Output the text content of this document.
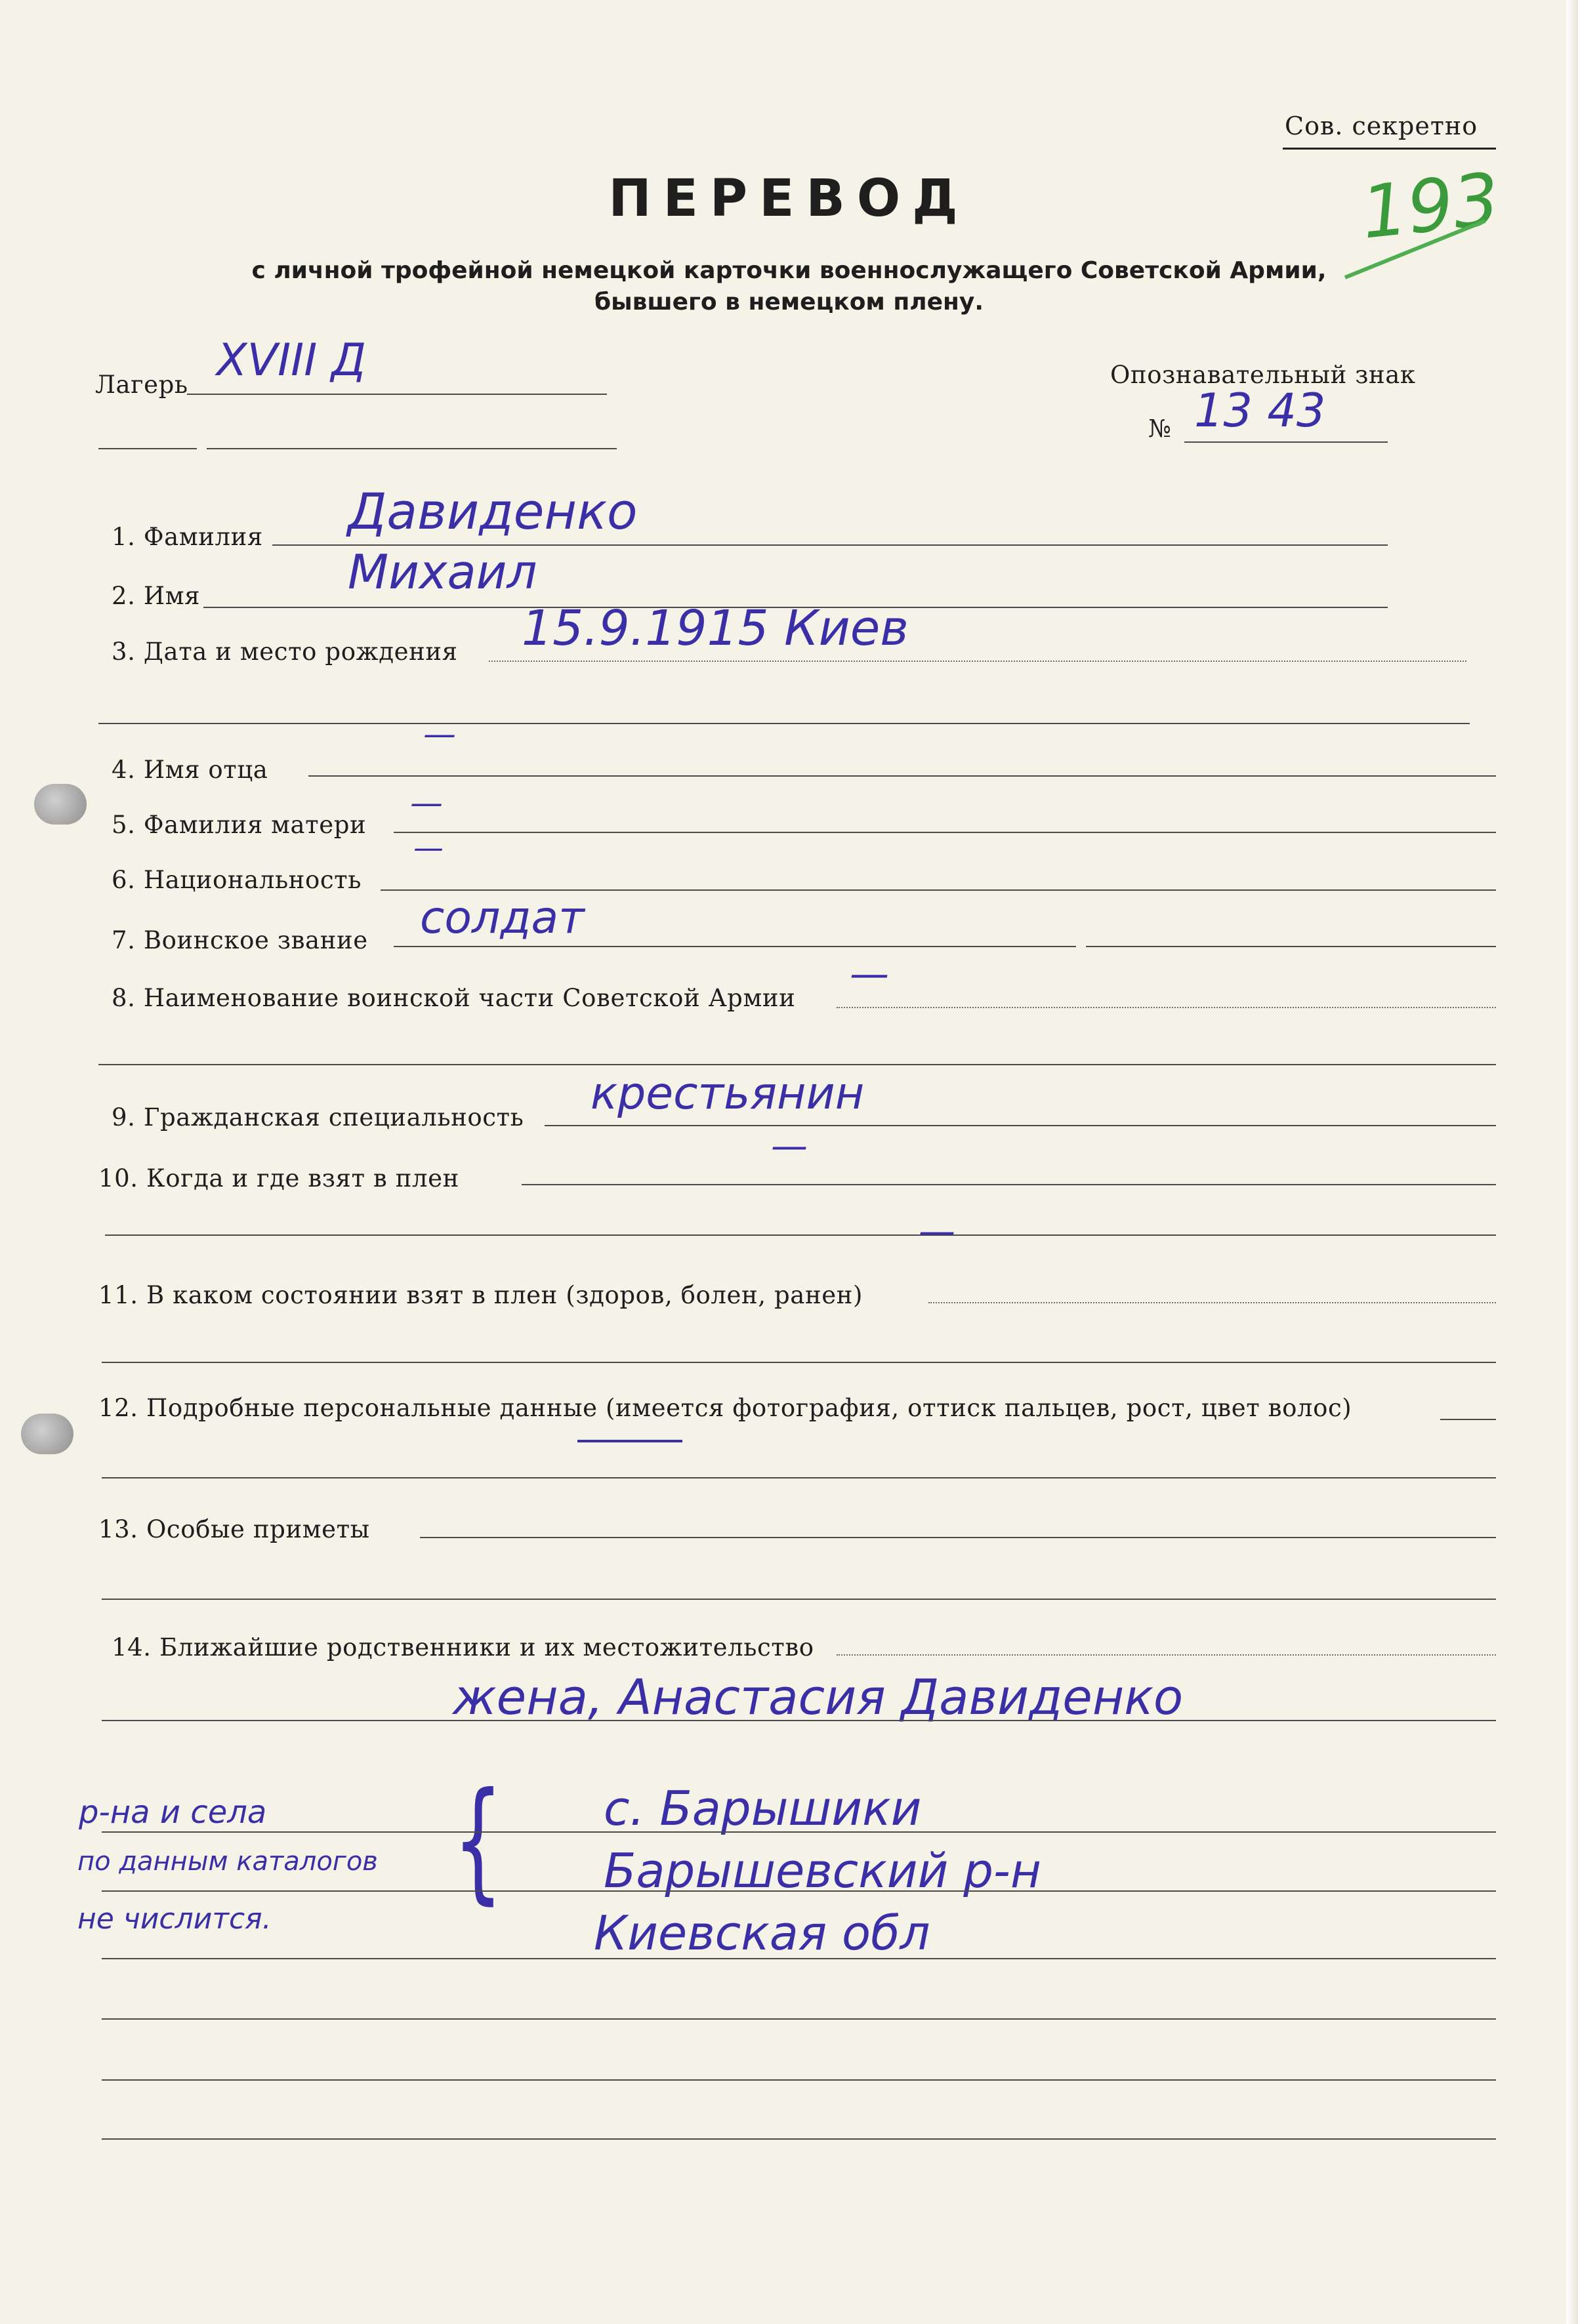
Сов. секретно
193
ПЕРЕВОД
с личной трофейной немецкой карточки военнослужащего Советской Армии,
бывшего в немецком плену.
Лагерь XVIII Д	Опознавательный знак
№ 13 43
1. Фамилия Давиденко
2. Имя	Михаил
3. Дата и место рождения 15.9.1915 Киев
4. Имя отца
—
5. Фамилия матери
—
6. Национальность
—
7. Воинское звание солдат
8. Наименование воинской части Советской Армии
—
9. Гражданская специальность крестьянин
10. Когда и где взят в плен
—
—
11. В каком состоянии взят в плен (здоров, болен, ранен)
12. Подробные персональные данные (имеется фотография, оттиск пальцев, рост, цвет волос)
13. Особые приметы
14. Ближайшие родственники и их местожительство
жена, Анастасия Давиденко
{ с. Барышики
Барышевский р-н
Киевская обл
р-на и села
по данным каталогов
не числится.
